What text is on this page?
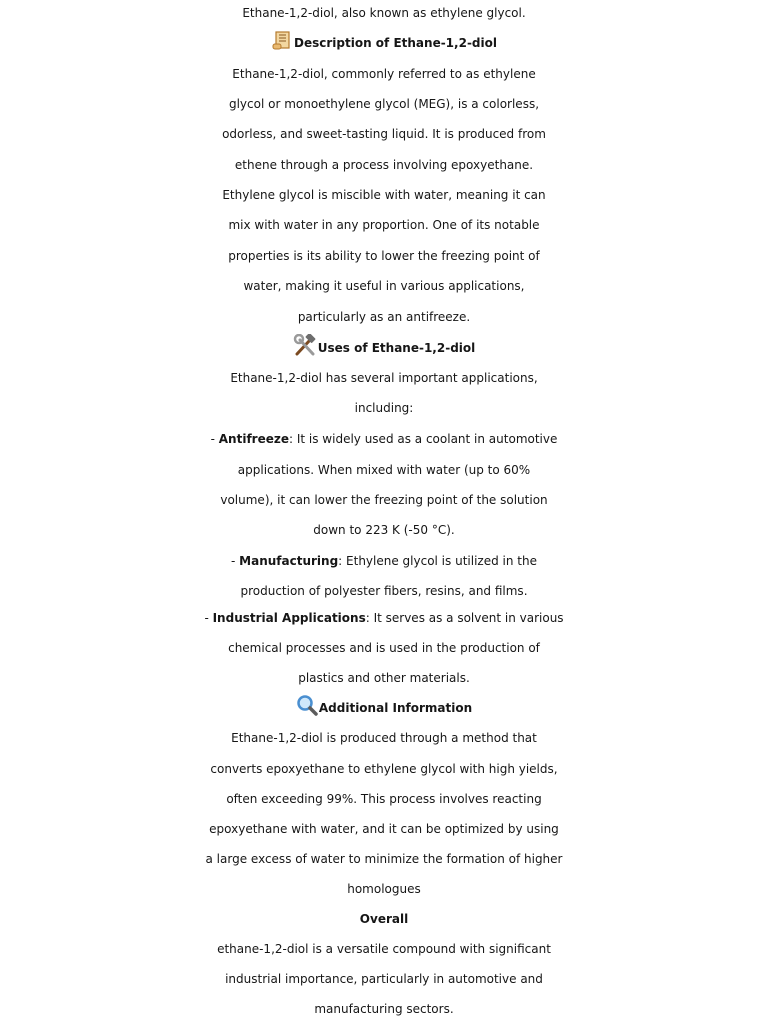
Ethane-1,2-diol, also known as ethylene glycol.
Description of Ethane-1,2-diol
Ethane-1,2-diol, commonly referred to as ethylene
glycol or monoethylene glycol (MEG), is a colorless,
odorless, and sweet-tasting liquid. It is produced from
ethene through a process involving epoxyethane.
Ethylene glycol is miscible with water, meaning it can
mix with water in any proportion. One of its notable
properties is its ability to lower the freezing point of
water, making it useful in various applications,
particularly as an antifreeze.
Uses of Ethane-1,2-diol
Ethane-1,2-diol has several important applications,
including:
- Antifreeze: It is widely used as a coolant in automotive
applications. When mixed with water (up to 60%
volume), it can lower the freezing point of the solution
down to 223 K (-50 °C).
- Manufacturing: Ethylene glycol is utilized in the
production of polyester fibers, resins, and films.
- Industrial Applications: It serves as a solvent in various
chemical processes and is used in the production of
plastics and other materials.
Additional Information
Ethane-1,2-diol is produced through a method that
converts epoxyethane to ethylene glycol with high yields,
often exceeding 99%. This process involves reacting
epoxyethane with water, and it can be optimized by using
a large excess of water to minimize the formation of higher
homologues
Overall
ethane-1,2-diol is a versatile compound with significant
industrial importance, particularly in automotive and
manufacturing sectors.
